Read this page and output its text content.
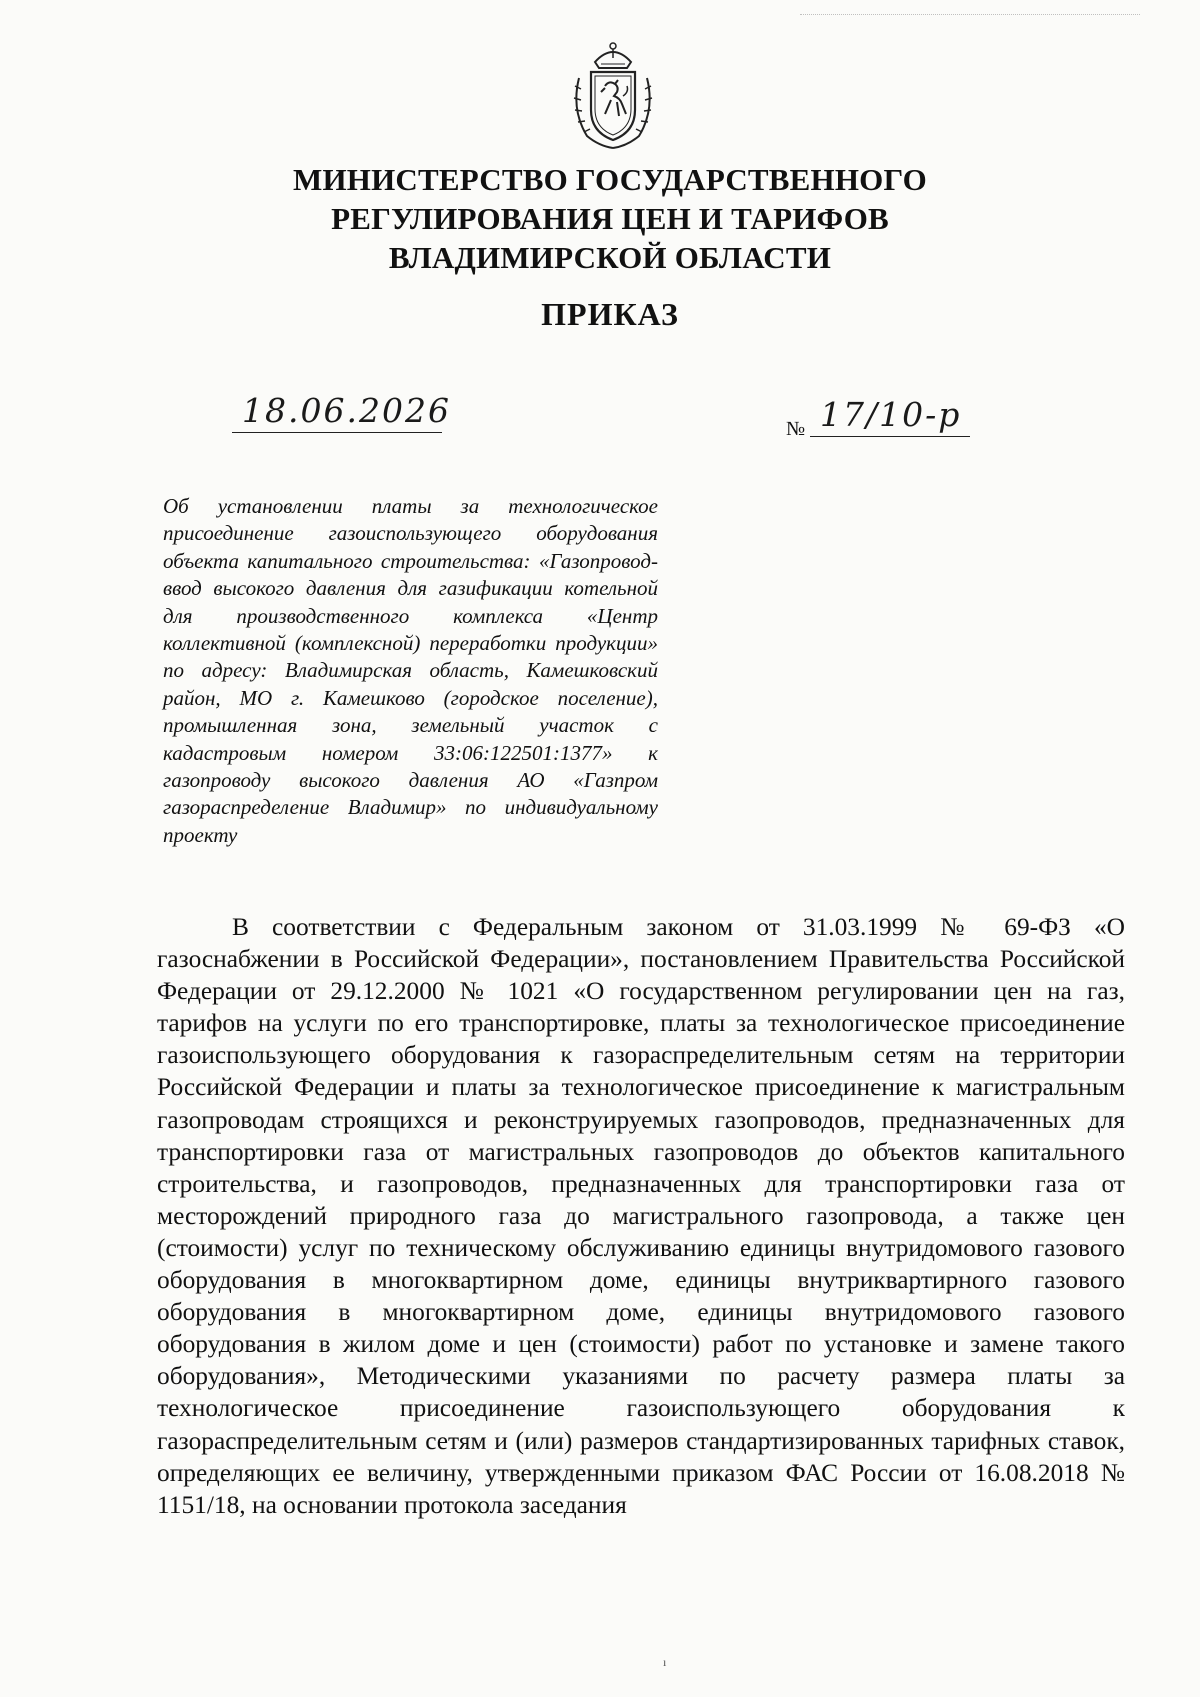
МИНИСТЕРСТВО ГОСУДАРСТВЕННОГО
РЕГУЛИРОВАНИЯ ЦЕН И ТАРИФОВ
ВЛАДИМИРСКОЙ ОБЛАСТИ
ПРИКАЗ
18.06.2026	№ 17/10-р
Об установлении платы за технологическое присоединение газоиспользующего оборудования объекта капитального строительства: «Газопровод-ввод высокого давления для газификации котельной для производственного комплекса «Центр коллективной (комплексной) переработки продукции» по адресу: Владимирская область, Камешковский район, МО г. Камешково (городское поселение), промышленная зона, земельный участок с кадастровым номером 33:06:122501:1377» к газопроводу высокого давления АО «Газпром газораспределение Владимир» по индивидуальному проекту
В соответствии с Федеральным законом от 31.03.1999 № 69-ФЗ «О газоснабжении в Российской Федерации», постановлением Правительства Российской Федерации от 29.12.2000 № 1021 «О государственном регулировании цен на газ, тарифов на услуги по его транспортировке, платы за технологическое присоединение газоиспользующего оборудования к газораспределительным сетям на территории Российской Федерации и платы за технологическое присоединение к магистральным газопроводам строящихся и реконструируемых газопроводов, предназначенных для транспортировки газа от магистральных газопроводов до объектов капитального строительства, и газопроводов, предназначенных для транспортировки газа от месторождений природного газа до магистрального газопровода, а также цен (стоимости) услуг по техническому обслуживанию единицы внутридомового газового оборудования в многоквартирном доме, единицы внутриквартирного газового оборудования в многоквартирном доме, единицы внутридомового газового оборудования в жилом доме и цен (стоимости) работ по установке и замене такого оборудования», Методическими указаниями по расчету размера платы за технологическое присоединение газоиспользующего оборудования к газораспределительным сетям и (или) размеров стандартизированных тарифных ставок, определяющих ее величину, утвержденными приказом ФАС России от 16.08.2018 № 1151/18, на основании протокола заседания
ı
